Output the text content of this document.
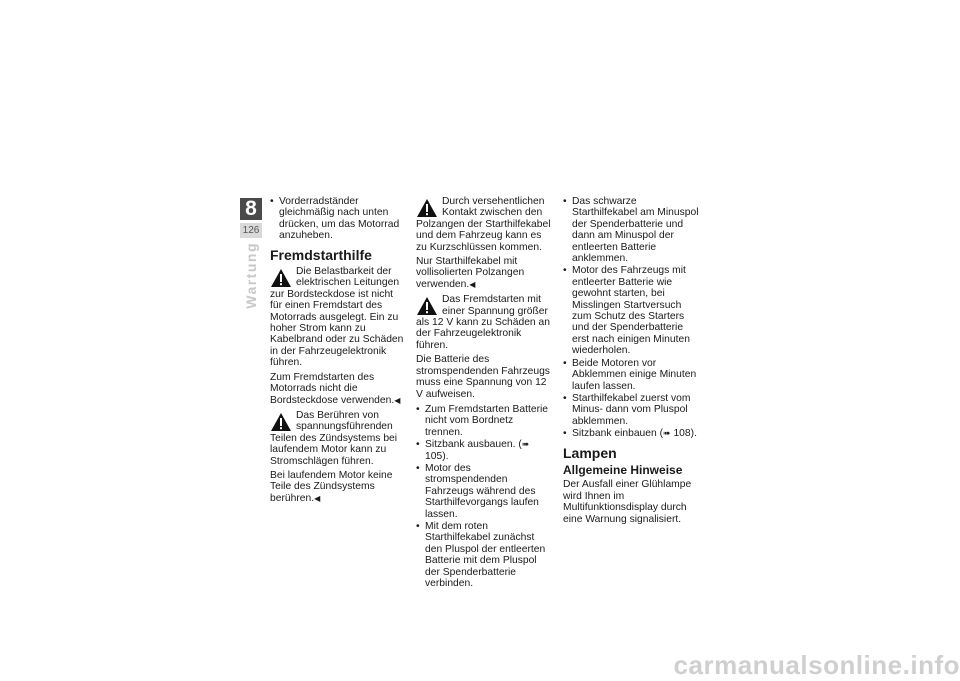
8
126
Wartung
• Vorderradständer gleichmäßig nach unten drücken, um das Motorrad anzuheben.
Fremdstarthilfe

Die Belastbarkeit der elektrischen Leitungen zur Bordsteckdose ist nicht für einen Fremdstart des Motorrads ausgelegt. Ein zu hoher Strom kann zu Kabelbrand oder zu Schäden in der Fahrzeugelektronik führen.

Zum Fremdstarten des Motorrads nicht die Bordsteckdose verwenden.◀

Das Berühren von spannungsführenden Teilen des Zündsystems bei laufendem Motor kann zu Stromschlägen führen.

Bei laufendem Motor keine Teile des Zündsystems berühren.◀

Durch versehentlichen Kontakt zwischen den Polzangen der Starthilfekabel und dem Fahrzeug kann es zu Kurzschlüssen kommen.

Nur Starthilfekabel mit vollisolierten Polzangen verwenden.◀

Das Fremdstarten mit einer Spannung größer als 12 V kann zu Schäden an der Fahrzeugelektronik führen.

Die Batterie des stromspendenden Fahrzeugs muss eine Spannung von 12 V aufweisen.

• Zum Fremdstarten Batterie nicht vom Bordnetz trennen.
• Sitzbank ausbauen. (➠ 105).
• Motor des stromspendenden Fahrzeugs während des Starthilfevorgangs laufen lassen.
• Mit dem roten Starthilfekabel zunächst den Pluspol der entleerten Batterie mit dem Pluspol der Spenderbatterie verbinden.
• Das schwarze Starthilfekabel am Minuspol der Spenderbatterie und dann am Minuspol der entleerten Batterie anklemmen.
• Motor des Fahrzeugs mit entleerter Batterie wie gewohnt starten, bei Misslingen Startversuch zum Schutz des Starters und der Spenderbatterie erst nach einigen Minuten wiederholen.
• Beide Motoren vor Abklemmen einige Minuten laufen lassen.
• Starthilfekabel zuerst vom Minus- dann vom Pluspol abklemmen.
• Sitzbank einbauen (➠ 108).
Lampen
Allgemeine Hinweise

Der Ausfall einer Glühlampe wird Ihnen im Multifunktionsdisplay durch eine Warnung signalisiert.

carmanualsonline.info
